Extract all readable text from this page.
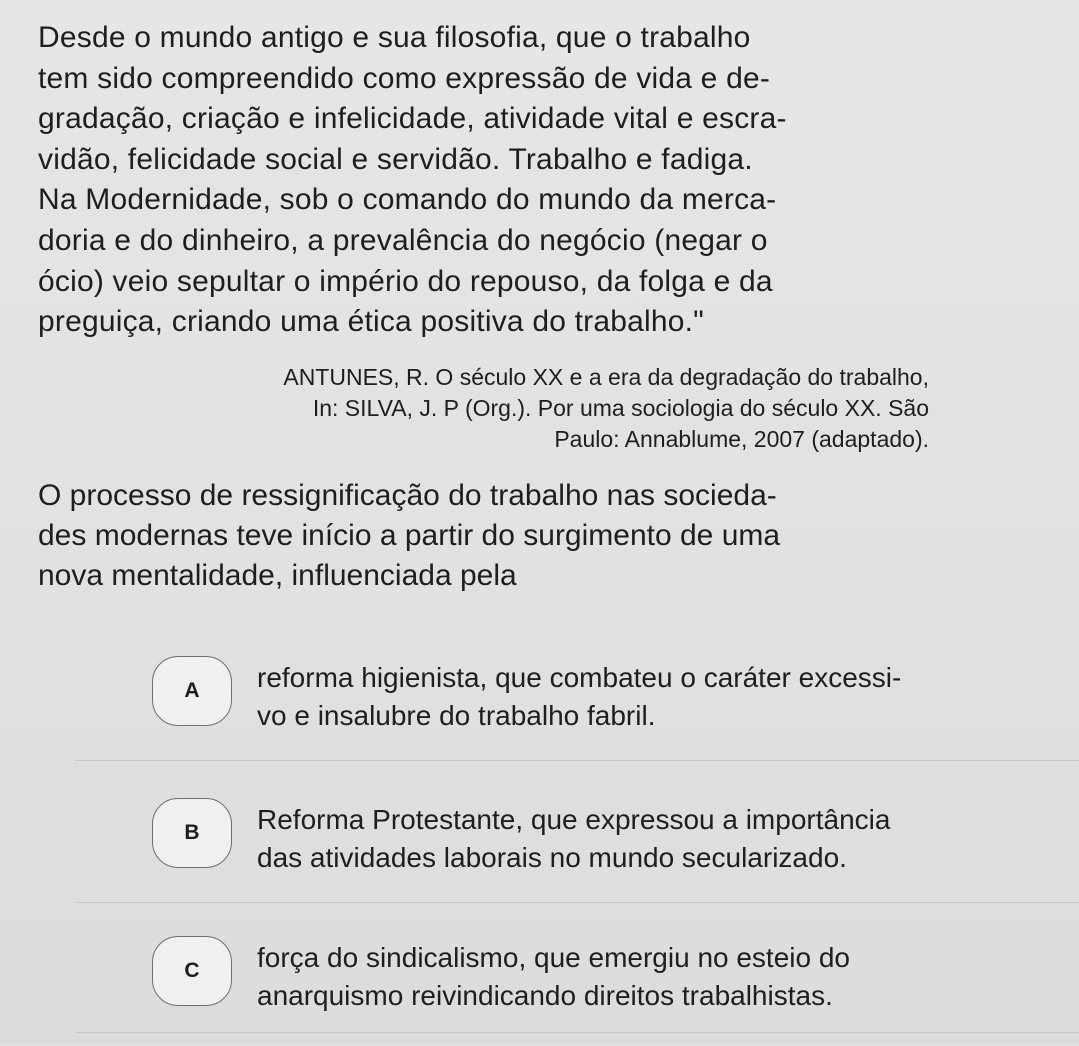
Desde o mundo antigo e sua filosofia, que o trabalho
tem sido compreendido como expressão de vida e de-
gradação, criação e infelicidade, atividade vital e escra-
vidão, felicidade social e servidão. Trabalho e fadiga.
Na Modernidade, sob o comando do mundo da merca-
doria e do dinheiro, a prevalência do negócio (negar o
ócio) veio sepultar o império do repouso, da folga e da
preguiça, criando uma ética positiva do trabalho."

ANTUNES, R. O século XX e a era da degradação do trabalho,
In: SILVA, J. P (Org.). Por uma sociologia do século XX. São
Paulo: Annablume, 2007 (adaptado).

O processo de ressignificação do trabalho nas socieda-
des modernas teve início a partir do surgimento de uma
nova mentalidade, influenciada pela

A	reforma higienista, que combateu o caráter excessi-
vo e insalubre do trabalho fabril.

B	Reforma Protestante, que expressou a importância
das atividades laborais no mundo secularizado.

C	força do sindicalismo, que emergiu no esteio do
anarquismo reivindicando direitos trabalhistas.
